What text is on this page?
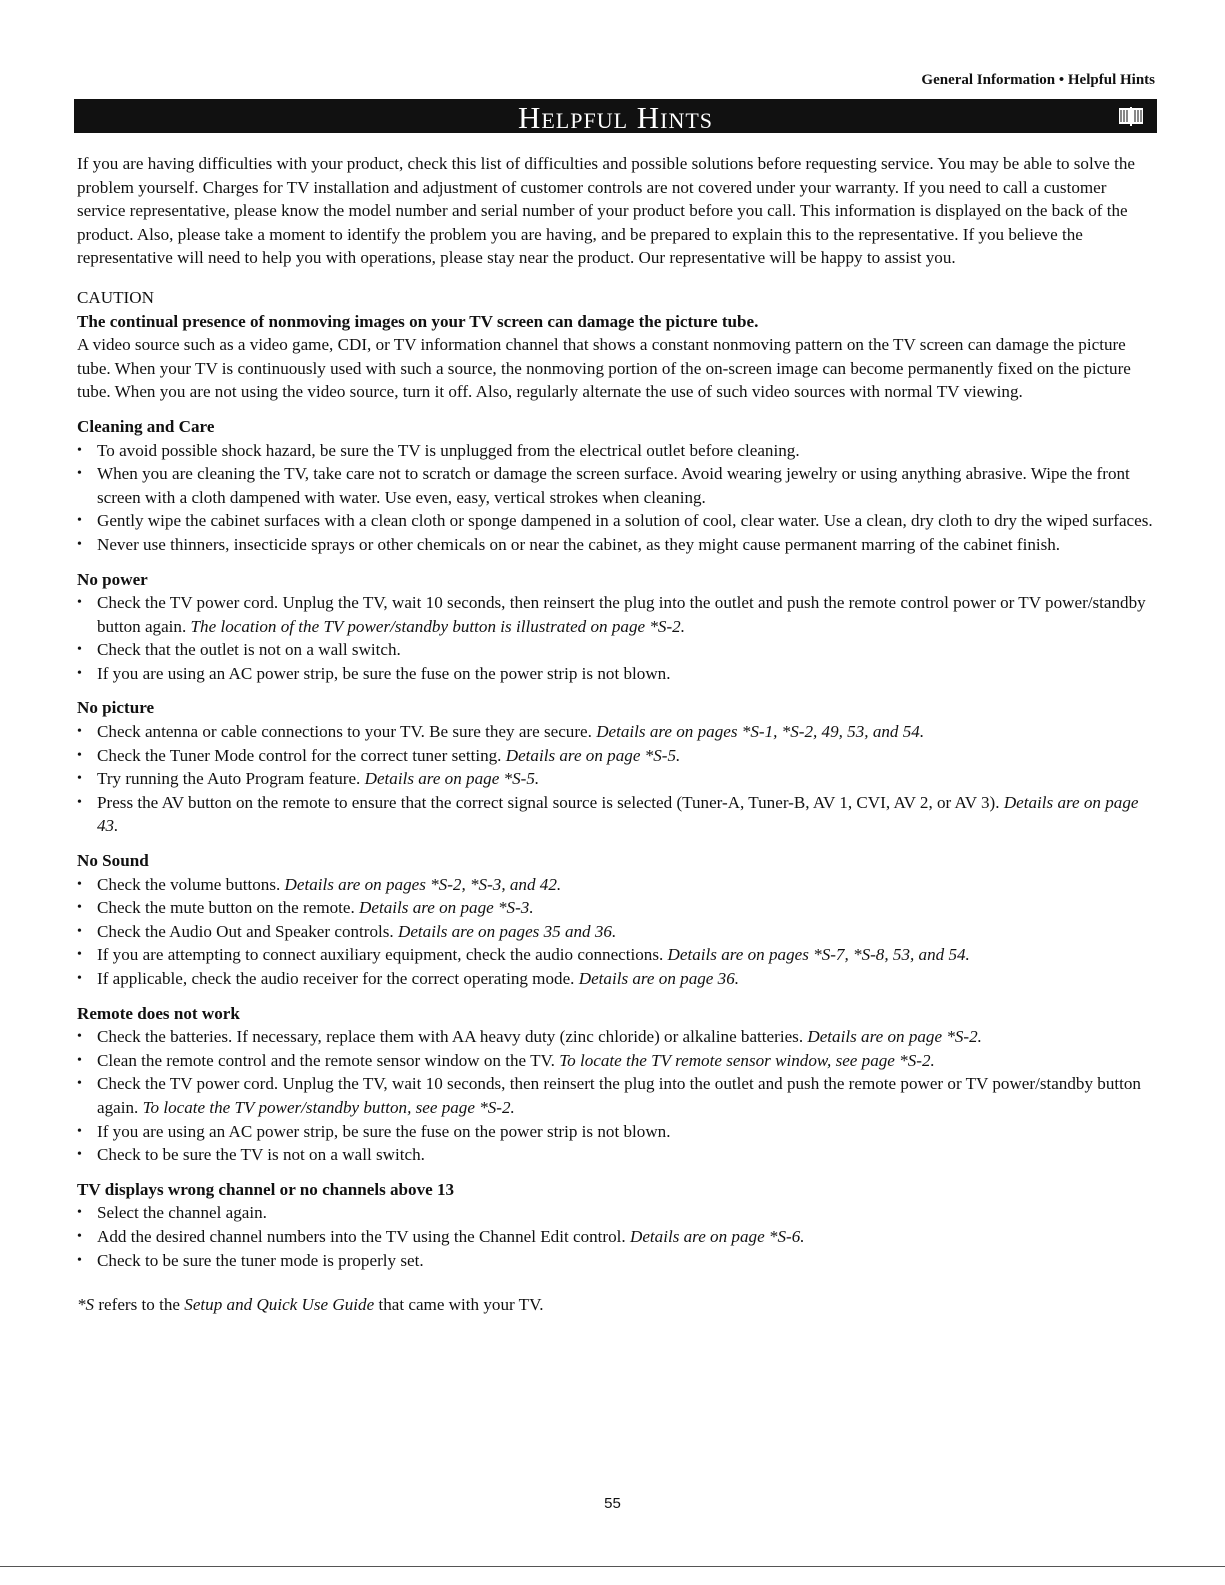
General Information • Helpful Hints
Helpful Hints

If you are having difficulties with your product, check this list of difficulties and possible solutions before requesting service. You may be able to solve the problem yourself. Charges for TV installation and adjustment of customer controls are not covered under your warranty. If you need to call a customer service representative, please know the model number and serial number of your product before you call. This information is displayed on the back of the product. Also, please take a moment to identify the problem you are having, and be prepared to explain this to the representative. If you believe the representative will need to help you with operations, please stay near the product. Our representative will be happy to assist you.

CAUTION

The continual presence of nonmoving images on your TV screen can damage the picture tube.

A video source such as a video game, CDI, or TV information channel that shows a constant nonmoving pattern on the TV screen can damage the picture tube. When your TV is continuously used with such a source, the nonmoving portion of the on-screen image can become permanently fixed on the picture tube. When you are not using the video source, turn it off. Also, regularly alternate the use of such video sources with normal TV viewing.

Cleaning and Care

• To avoid possible shock hazard, be sure the TV is unplugged from the electrical outlet before cleaning.
• When you are cleaning the TV, take care not to scratch or damage the screen surface. Avoid wearing jewelry or using anything abrasive. Wipe the front screen with a cloth dampened with water. Use even, easy, vertical strokes when cleaning.
• Gently wipe the cabinet surfaces with a clean cloth or sponge dampened in a solution of cool, clear water. Use a clean, dry cloth to dry the wiped surfaces.
• Never use thinners, insecticide sprays or other chemicals on or near the cabinet, as they might cause permanent marring of the cabinet finish.

No power

• Check the TV power cord. Unplug the TV, wait 10 seconds, then reinsert the plug into the outlet and push the remote control power or TV power/standby button again. The location of the TV power/standby button is illustrated on page *S-2.
• Check that the outlet is not on a wall switch.
• If you are using an AC power strip, be sure the fuse on the power strip is not blown.

No picture

• Check antenna or cable connections to your TV. Be sure they are secure. Details are on pages *S-1, *S-2, 49, 53, and 54.
• Check the Tuner Mode control for the correct tuner setting. Details are on page *S-5.
• Try running the Auto Program feature. Details are on page *S-5.
• Press the AV button on the remote to ensure that the correct signal source is selected (Tuner-A, Tuner-B, AV 1, CVI, AV 2, or AV 3). Details are on page 43.

No Sound

• Check the volume buttons. Details are on pages *S-2, *S-3, and 42.
• Check the mute button on the remote. Details are on page *S-3.
• Check the Audio Out and Speaker controls. Details are on pages 35 and 36.
• If you are attempting to connect auxiliary equipment, check the audio connections. Details are on pages *S-7, *S-8, 53, and 54.
• If applicable, check the audio receiver for the correct operating mode. Details are on page 36.

Remote does not work

• Check the batteries. If necessary, replace them with AA heavy duty (zinc chloride) or alkaline batteries. Details are on page *S-2.
• Clean the remote control and the remote sensor window on the TV. To locate the TV remote sensor window, see page *S-2.
• Check the TV power cord. Unplug the TV, wait 10 seconds, then reinsert the plug into the outlet and push the remote power or TV power/standby button again. To locate the TV power/standby button, see page *S-2.
• If you are using an AC power strip, be sure the fuse on the power strip is not blown.
• Check to be sure the TV is not on a wall switch.

TV displays wrong channel or no channels above 13

• Select the channel again.
• Add the desired channel numbers into the TV using the Channel Edit control. Details are on page *S-6.
• Check to be sure the tuner mode is properly set.

*S refers to the Setup and Quick Use Guide that came with your TV.

55
